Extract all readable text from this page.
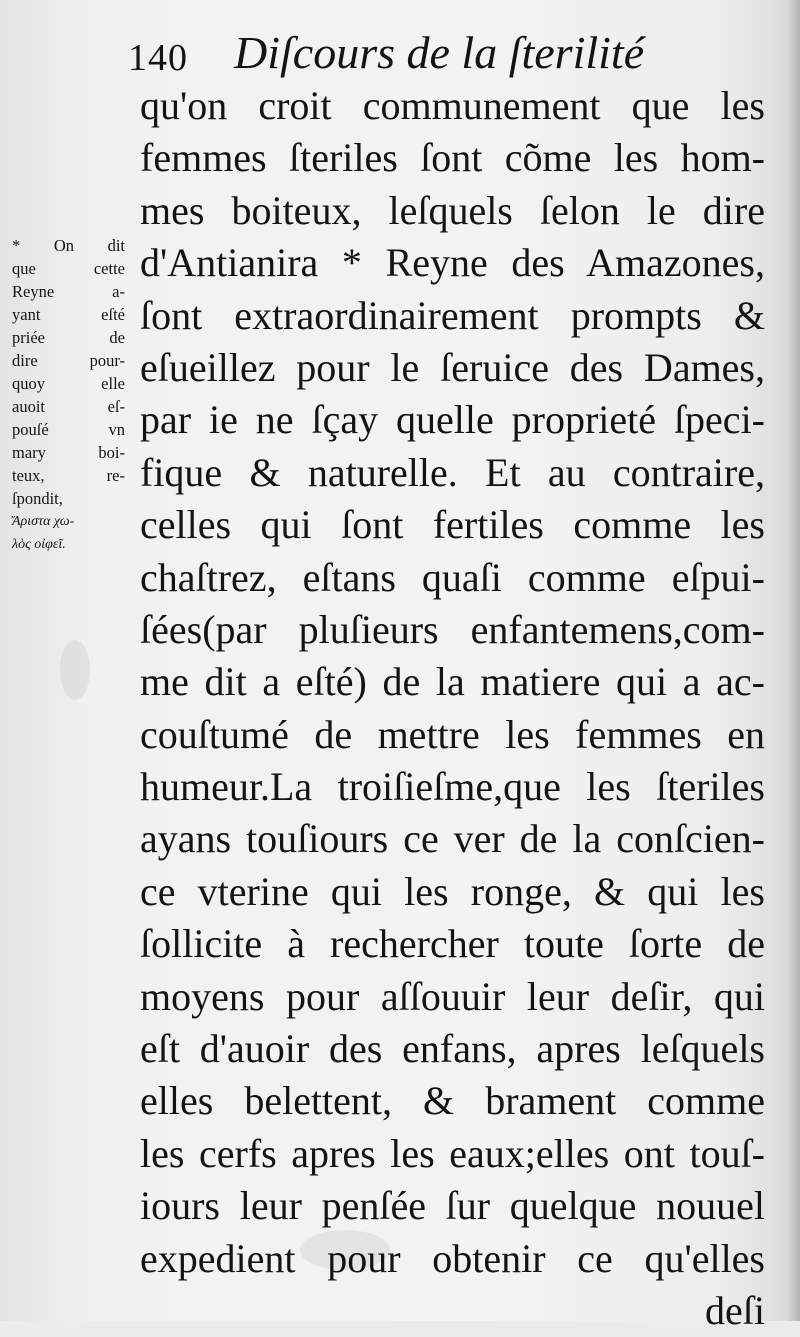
140 Diſcours de la ſterilité
* On dit
que cette
Reyne a-
yant eſté
priée de
dire pour-
quoy elle
auoit eſ-
pouſé vn
mary boi-
teux, re-
ſpondit,
Ἄριστα χω-
λὸς οἰφεῖ.
qu'on croit communement que les
femmes ſteriles ſont cõme les hom-
mes boiteux, leſquels ſelon le dire
d'Antianira * Reyne des Amazones,
ſont extraordinairement prompts &
eſueillez pour le ſeruice des Dames,
par ie ne ſçay quelle proprieté ſpeci-
fique & naturelle. Et au contraire,
celles qui ſont fertiles comme les
chaſtrez, eſtans quaſi comme eſpui-
ſées(par pluſieurs enfantemens,com-
me dit a eſté) de la matiere qui a ac-
couſtumé de mettre les femmes en
humeur.La troiſieſme,que les ſteriles
ayans touſiours ce ver de la conſcien-
ce vterine qui les ronge, & qui les
ſollicite à rechercher toute ſorte de
moyens pour aſſouuir leur deſir, qui
eſt d'auoir des enfans, apres leſquels
elles belettent, & brament comme
les cerfs apres les eaux;elles ont touſ-
iours leur penſée ſur quelque nouuel
expedient pour obtenir ce qu'elles
deſi
